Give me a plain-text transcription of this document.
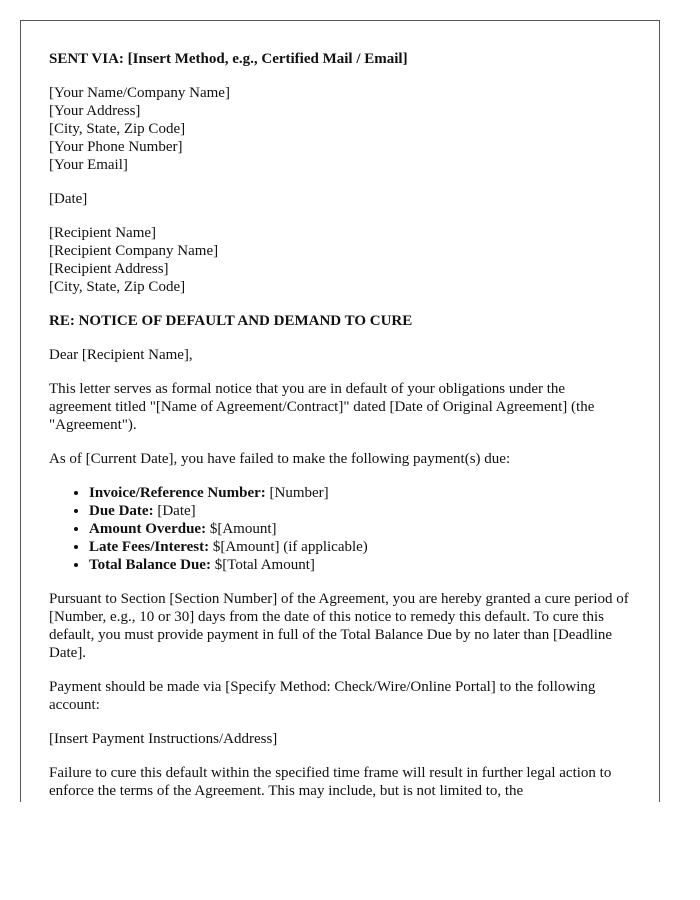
SENT VIA: [Insert Method, e.g., Certified Mail / Email]

[Your Name/Company Name]
[Your Address]
[City, State, Zip Code]
[Your Phone Number]
[Your Email]

[Date]

[Recipient Name]
[Recipient Company Name]
[Recipient Address]
[City, State, Zip Code]

RE: NOTICE OF DEFAULT AND DEMAND TO CURE

Dear [Recipient Name],

This letter serves as formal notice that you are in default of your obligations under the agreement titled "[Name of Agreement/Contract]" dated [Date of Original Agreement] (the "Agreement").

As of [Current Date], you have failed to make the following payment(s) due:

• Invoice/Reference Number: [Number]
• Due Date: [Date]
• Amount Overdue: $[Amount]
• Late Fees/Interest: $[Amount] (if applicable)
• Total Balance Due: $[Total Amount]

Pursuant to Section [Section Number] of the Agreement, you are hereby granted a cure period of [Number, e.g., 10 or 30] days from the date of this notice to remedy this default. To cure this default, you must provide payment in full of the Total Balance Due by no later than [Deadline Date].

Payment should be made via [Specify Method: Check/Wire/Online Portal] to the following account:

[Insert Payment Instructions/Address]

Failure to cure this default within the specified time frame will result in further legal action to enforce the terms of the Agreement. This may include, but is not limited to, the
